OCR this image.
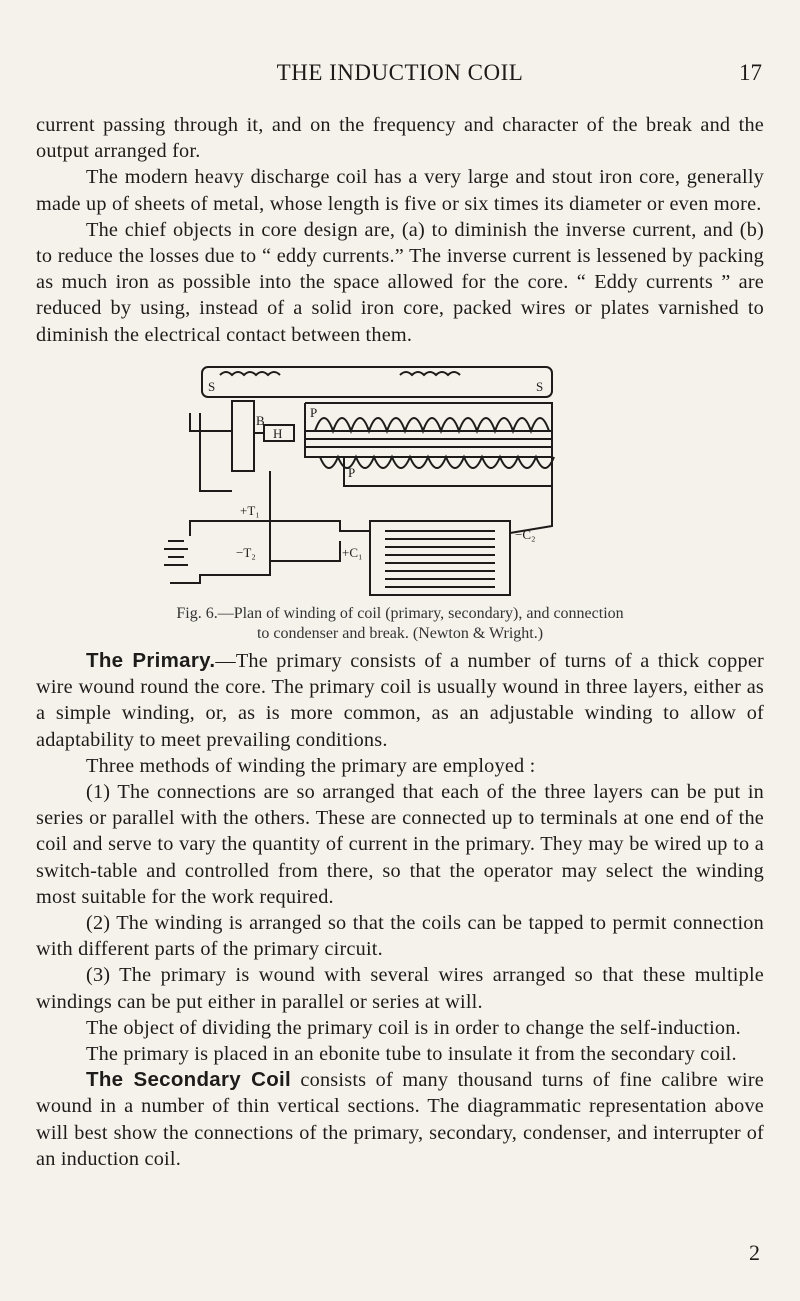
THE INDUCTION COIL	17

current passing through it, and on the frequency and character of the break and the output arranged for.

The modern heavy discharge coil has a very large and stout iron core, generally made up of sheets of metal, whose length is five or six times its diameter or even more.

The chief objects in core design are, (a) to diminish the inverse current, and (b) to reduce the losses due to “ eddy currents.” The inverse current is lessened by packing as much iron as possible into the space allowed for the core. “ Eddy currents ” are reduced by using, instead of a solid iron core, packed wires or plates varnished to diminish the electrical contact between them.

S	S
P
P
H
B
+T₁
−T₂	+C₁
−C₂
Fig. 6.—Plan of winding of coil (primary, secondary), and connection
to condenser and break. (Newton & Wright.)

The Primary.—The primary consists of a number of turns of a thick copper wire wound round the core. The primary coil is usually wound in three layers, either as a simple winding, or, as is more common, as an adjustable winding to allow of adaptability to meet prevailing conditions.

Three methods of winding the primary are employed :

(1) The connections are so arranged that each of the three layers can be put in series or parallel with the others. These are connected up to terminals at one end of the coil and serve to vary the quantity of current in the primary. They may be wired up to a switch-table and controlled from there, so that the operator may select the winding most suitable for the work required.

(2) The winding is arranged so that the coils can be tapped to permit connection with different parts of the primary circuit.

(3) The primary is wound with several wires arranged so that these multiple windings can be put either in parallel or series at will.

The object of dividing the primary coil is in order to change the self-induction.

The primary is placed in an ebonite tube to insulate it from the secondary coil.

The Secondary Coil consists of many thousand turns of fine calibre wire wound in a number of thin vertical sections. The diagrammatic representation above will best show the connections of the primary, secondary, condenser, and interrupter of an induction coil.

2
